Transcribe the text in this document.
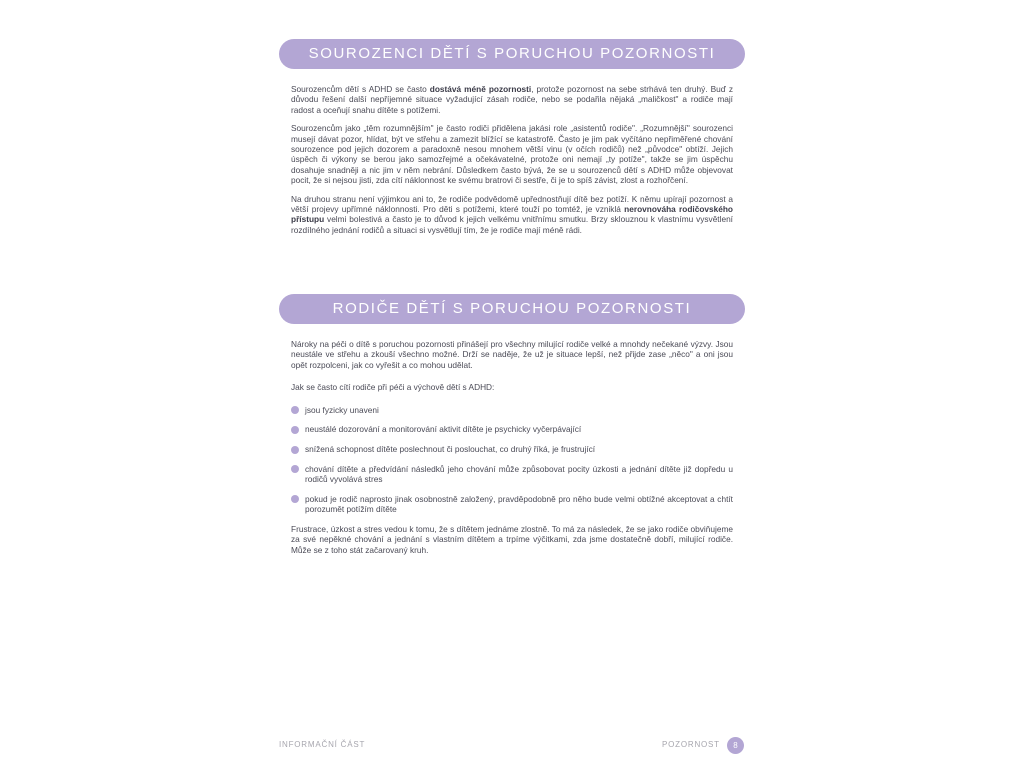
SOUROZENCI DĚTÍ S PORUCHOU POZORNOSTI

Sourozencům dětí s ADHD se často dostává méně pozornosti, protože pozornost na sebe strhává ten druhý. Buď z důvodu řešení další nepříjemné situace vyžadující zásah rodiče, nebo se podařila nějaká „maličkost" a rodiče mají radost a oceňují snahu dítěte s potížemi.

Sourozencům jako „těm rozumnějším" je často rodiči přidělena jakási role „asistentů rodiče". „Rozumnější" sourozenci musejí dávat pozor, hlídat, být ve střehu a zamezit blížící se katastrofě. Často je jim pak vyčítáno nepřiměřené chování sourozence pod jejich dozorem a paradoxně nesou mnohem větší vinu (v očích rodičů) než „původce" obtíží. Jejich úspěch či výkony se berou jako samozřejmé a očekávatelné, protože oni nemají „ty potíže", takže se jim úspěchu dosahuje snadněji a nic jim v něm nebrání. Důsledkem často bývá, že se u sourozenců dětí s ADHD může objevovat pocit, že si nejsou jisti, zda cítí náklonnost ke svému bratrovi či sestře, či je to spíš závist, zlost a rozhořčení.

Na druhou stranu není výjimkou ani to, že rodiče podvědomě upřednostňují dítě bez potíží. K němu upírají pozornost a větší projevy upřímné náklonnosti. Pro děti s potížemi, které touží po tomtéž, je vzniklá nerovnováha rodičovského přístupu velmi bolestivá a často je to důvod k jejich velkému vnitřnímu smutku. Brzy sklouznou k vlastnímu vysvětlení rozdílného jednání rodičů a situaci si vysvětlují tím, že je rodiče mají méně rádi.

RODIČE DĚTÍ S PORUCHOU POZORNOSTI

Nároky na péči o dítě s poruchou pozornosti přinášejí pro všechny milující rodiče velké a mnohdy nečekané výzvy. Jsou neustále ve střehu a zkouší všechno možné. Drží se naděje, že už je situace lepší, než přijde zase „něco" a oni jsou opět rozpolceni, jak co vyřešit a co mohou udělat.

Jak se často cítí rodiče při péči a výchově dětí s ADHD:

jsou fyzicky unaveni
neustálé dozorování a monitorování aktivit dítěte je psychicky vyčerpávající
snížená schopnost dítěte poslechnout či poslouchat, co druhý říká, je frustrující
chování dítěte a předvídání následků jeho chování může způsobovat pocity úzkosti a jednání dítěte již dopředu u rodičů vyvolává stres
pokud je rodič naprosto jinak osobnostně založený, pravděpodobně pro něho bude velmi obtížné akceptovat a chtít porozumět potížím dítěte

Frustrace, úzkost a stres vedou k tomu, že s dítětem jednáme zlostně. To má za následek, že se jako rodiče obviňujeme za své nepěkné chování a jednání s vlastním dítětem a trpíme výčitkami, zda jsme dostatečně dobří, milující rodiče. Může se z toho stát začarovaný kruh.

INFORMAČNÍ ČÁST	POZORNOST	8
